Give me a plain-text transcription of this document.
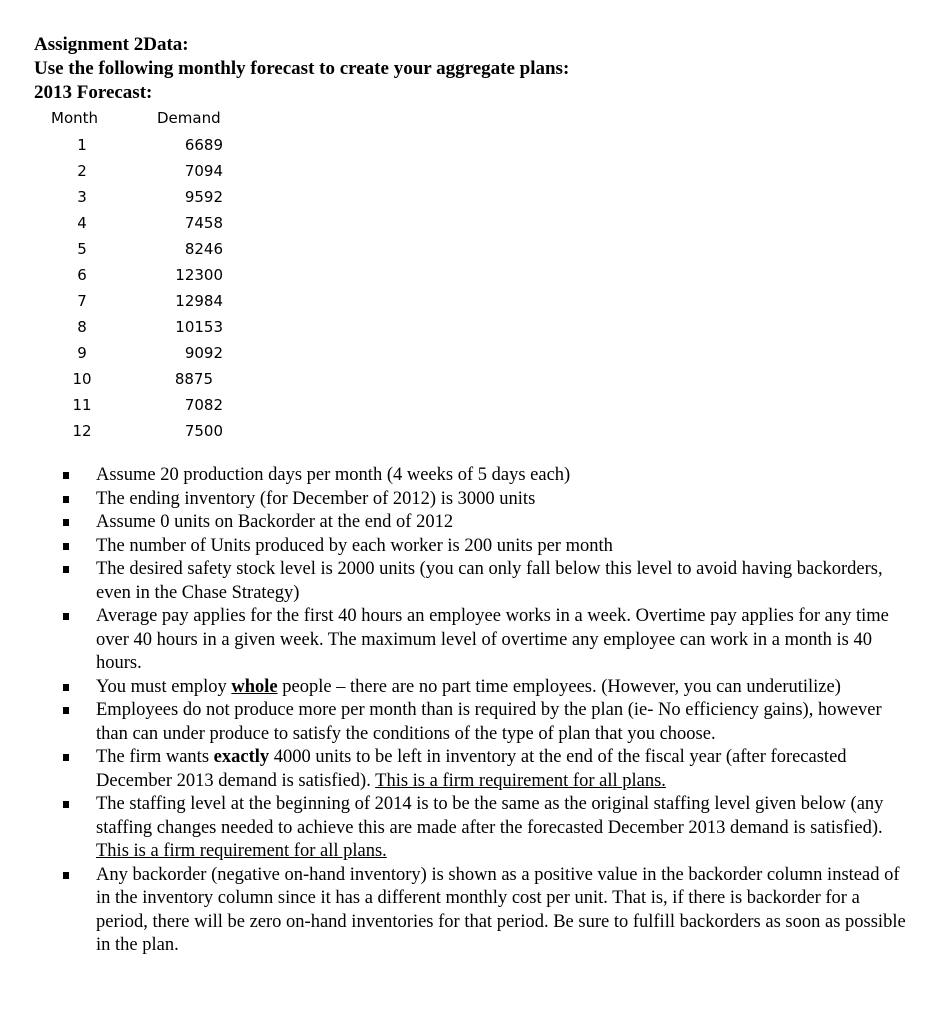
Assignment 2Data:
Use the following monthly forecast to create your aggregate plans:
2013 Forecast:
Month	Demand
1	6689
2	7094
3	9592
4	7458
5	8246
6	12300
7	12984
8	10153
9	9092
10	8875
11	7082
12	7500
Assume 20 production days per month (4 weeks of 5 days each)
The ending inventory (for December of 2012) is 3000 units
Assume 0 units on Backorder at the end of 2012
The number of Units produced by each worker is 200 units per month
The desired safety stock level is 2000 units (you can only fall below this level to avoid having backorders, even in the Chase Strategy)
Average pay applies for the first 40 hours an employee works in a week. Overtime pay applies for any time over 40 hours in a given week. The maximum level of overtime any employee can work in a month is 40 hours.
You must employ whole people – there are no part time employees. (However, you can underutilize)
Employees do not produce more per month than is required by the plan (ie- No efficiency gains), however than can under produce to satisfy the conditions of the type of plan that you choose.
The firm wants exactly 4000 units to be left in inventory at the end of the fiscal year (after forecasted December 2013 demand is satisfied). This is a firm requirement for all plans.
The staffing level at the beginning of 2014 is to be the same as the original staffing level given below (any staffing changes needed to achieve this are made after the forecasted December 2013 demand is satisfied). This is a firm requirement for all plans.
Any backorder (negative on-hand inventory) is shown as a positive value in the backorder column instead of in the inventory column since it has a different monthly cost per unit. That is, if there is backorder for a period, there will be zero on-hand inventories for that period. Be sure to fulfill backorders as soon as possible in the plan.
